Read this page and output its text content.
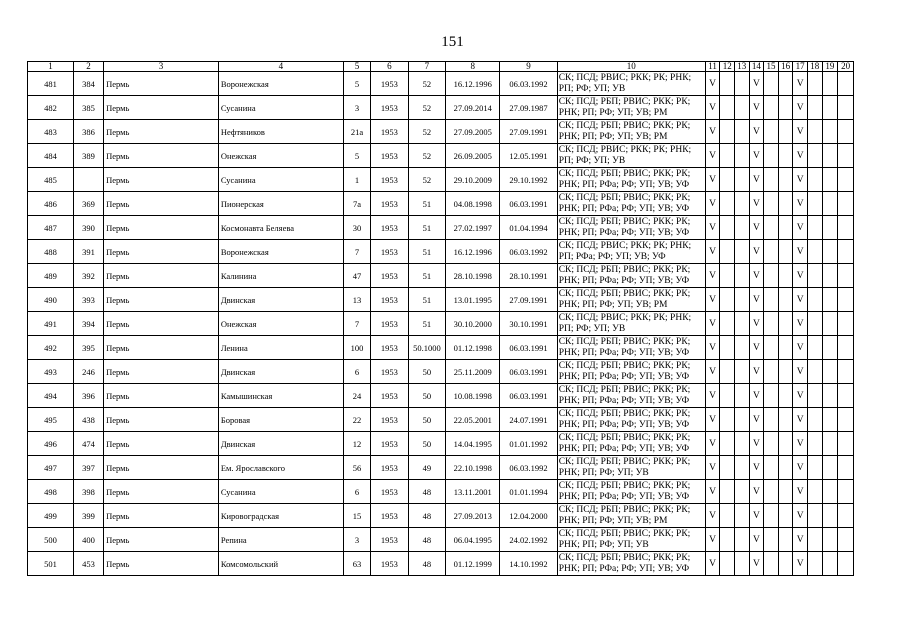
151
1	2	3	4	5	6	7	8	9	10	11	12	13	14	15	16	17	18	19	20
481	384	Пермь	Воронежская	5	1953	52	16.12.1996	06.03.1992	СК; ПСД; РВИС; РКК; РК; РНК; РП; РФ; УП; УВ	V			V			V			
482	385	Пермь	Сусанина	3	1953	52	27.09.2014	27.09.1987	СК; ПСД; РБП; РВИС; РКК; РК; РНК; РП; РФ; УП; УВ; РМ	V			V			V			
483	386	Пермь	Нефтяников	21а	1953	52	27.09.2005	27.09.1991	СК; ПСД; РБП; РВИС; РКК; РК; РНК; РП; РФ; УП; УВ; РМ	V			V			V			
484	389	Пермь	Онежская	5	1953	52	26.09.2005	12.05.1991	СК; ПСД; РВИС; РКК; РК; РНК; РП; РФ; УП; УВ	V			V			V			
485		Пермь	Сусанина	1	1953	52	29.10.2009	29.10.1992	СК; ПСД; РБП; РВИС; РКК; РК; РНК; РП; РФа; РФ; УП; УВ; УФ	V			V			V			
486	369	Пермь	Пионерская	7а	1953	51	04.08.1998	06.03.1991	СК; ПСД; РБП; РВИС; РКК; РК; РНК; РП; РФа; РФ; УП; УВ; УФ	V			V			V			
487	390	Пермь	Космонавта Беляева	30	1953	51	27.02.1997	01.04.1994	СК; ПСД; РБП; РВИС; РКК; РК; РНК; РП; РФа; РФ; УП; УВ; УФ	V			V			V			
488	391	Пермь	Воронежская	7	1953	51	16.12.1996	06.03.1992	СК; ПСД; РВИС; РКК; РК; РНК; РП; РФа; РФ; УП; УВ; УФ	V			V			V			
489	392	Пермь	Калинина	47	1953	51	28.10.1998	28.10.1991	СК; ПСД; РБП; РВИС; РКК; РК; РНК; РП; РФа; РФ; УП; УВ; УФ	V			V			V			
490	393	Пермь	Двинская	13	1953	51	13.01.1995	27.09.1991	СК; ПСД; РБП; РВИС; РКК; РК; РНК; РП; РФ; УП; УВ; РМ	V			V			V			
491	394	Пермь	Онежская	7	1953	51	30.10.2000	30.10.1991	СК; ПСД; РВИС; РКК; РК; РНК; РП; РФ; УП; УВ	V			V			V			
492	395	Пермь	Ленина	100	1953	50.1000	01.12.1998	06.03.1991	СК; ПСД; РБП; РВИС; РКК; РК; РНК; РП; РФа; РФ; УП; УВ; УФ	V			V			V			
493	246	Пермь	Двинская	6	1953	50	25.11.2009	06.03.1991	СК; ПСД; РБП; РВИС; РКК; РК; РНК; РП; РФа; РФ; УП; УВ; УФ	V			V			V			
494	396	Пермь	Камышинская	24	1953	50	10.08.1998	06.03.1991	СК; ПСД; РБП; РВИС; РКК; РК; РНК; РП; РФа; РФ; УП; УВ; УФ	V			V			V			
495	438	Пермь	Боровая	22	1953	50	22.05.2001	24.07.1991	СК; ПСД; РБП; РВИС; РКК; РК; РНК; РП; РФа; РФ; УП; УВ; УФ	V			V			V			
496	474	Пермь	Двинская	12	1953	50	14.04.1995	01.01.1992	СК; ПСД; РБП; РВИС; РКК; РК; РНК; РП; РФа; РФ; УП; УВ; УФ	V			V			V			
497	397	Пермь	Ем. Ярославского	56	1953	49	22.10.1998	06.03.1992	СК; ПСД; РБП; РВИС; РКК; РК; РНК; РП; РФ; УП; УВ	V			V			V			
498	398	Пермь	Сусанина	6	1953	48	13.11.2001	01.01.1994	СК; ПСД; РБП; РВИС; РКК; РК; РНК; РП; РФа; РФ; УП; УВ; УФ	V			V			V			
499	399	Пермь	Кировоградская	15	1953	48	27.09.2013	12.04.2000	СК; ПСД; РБП; РВИС; РКК; РК; РНК; РП; РФ; УП; УВ; РМ	V			V			V			
500	400	Пермь	Репина	3	1953	48	06.04.1995	24.02.1992	СК; ПСД; РБП; РВИС; РКК; РК; РНК; РП; РФ; УП; УВ	V			V			V			
501	453	Пермь	Комсомольский	63	1953	48	01.12.1999	14.10.1992	СК; ПСД; РБП; РВИС; РКК; РК; РНК; РП; РФа; РФ; УП; УВ; УФ	V			V			V			
